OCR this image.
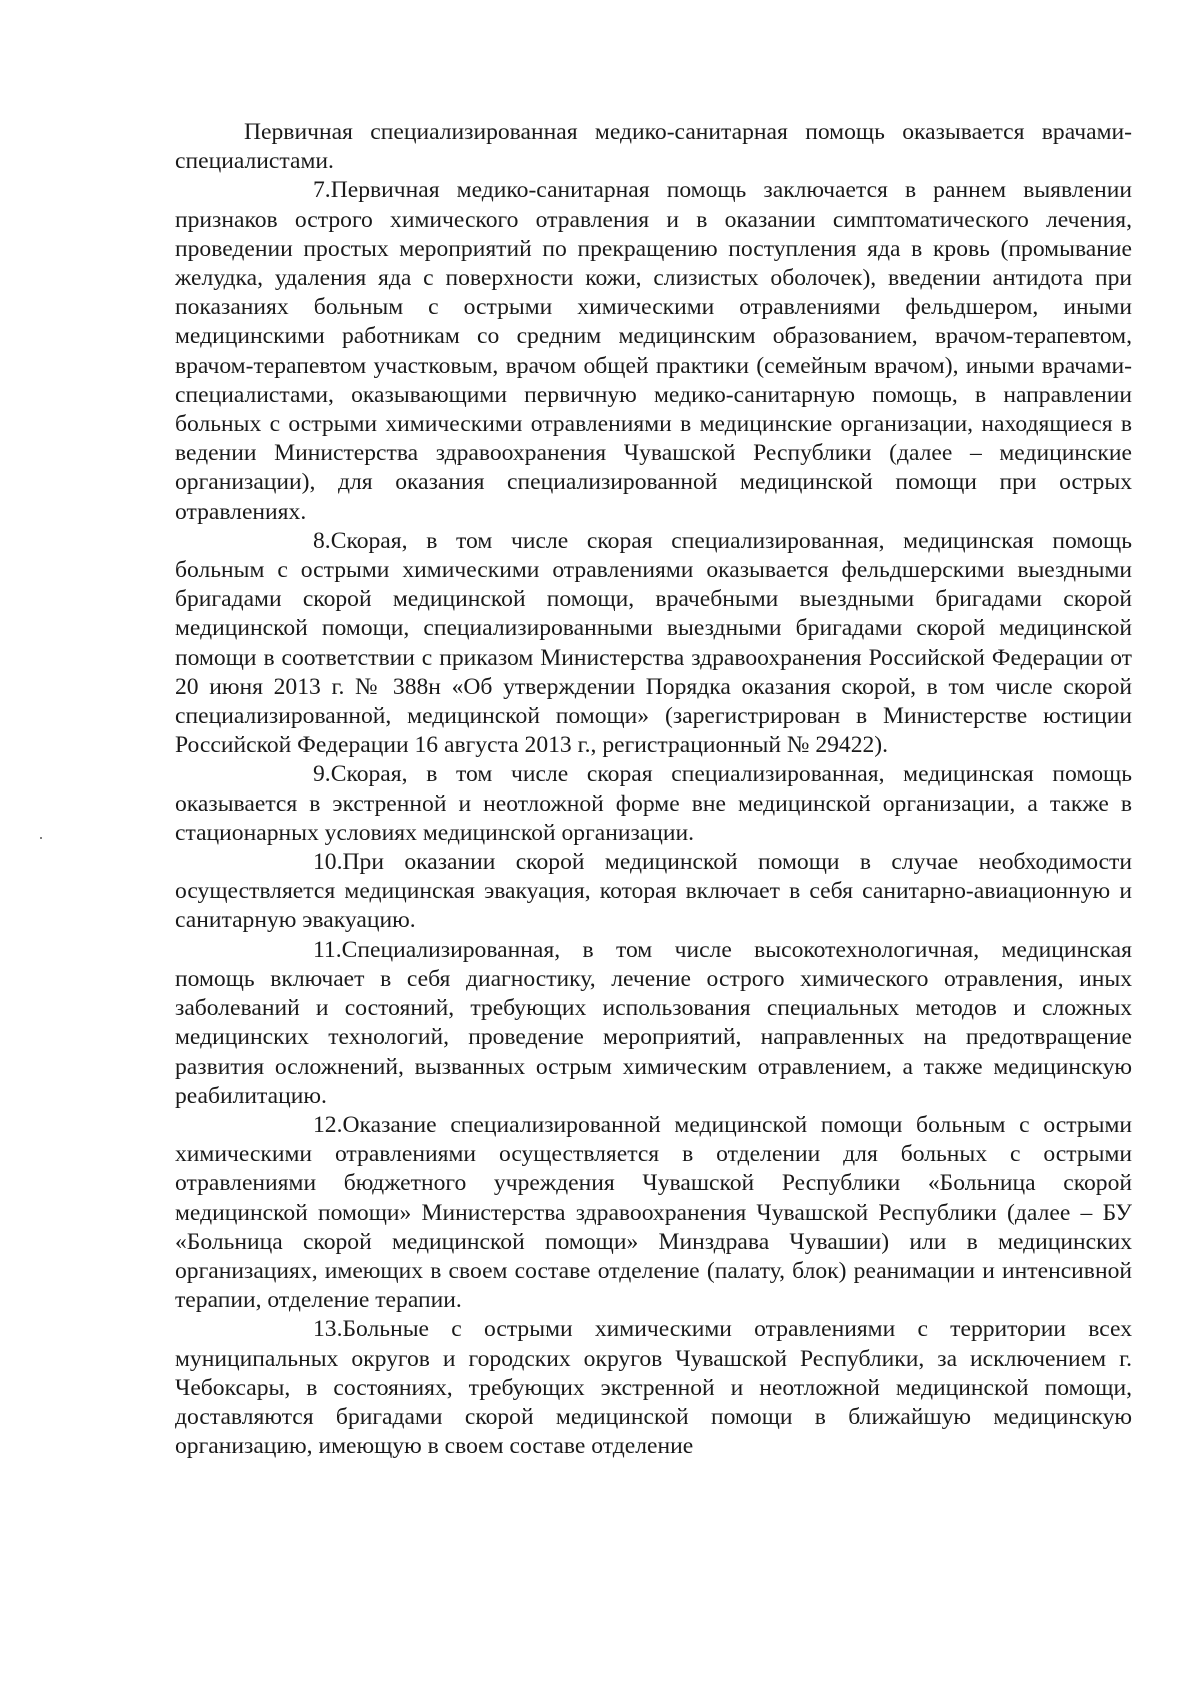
Первичная специализированная медико-санитарная помощь оказывается врачами-специалистами.

7.Первичная медико-санитарная помощь заключается в раннем выявлении признаков острого химического отравления и в оказании симптоматического лечения, проведении простых мероприятий по прекращению поступления яда в кровь (промывание желудка, удаления яда с поверхности кожи, слизистых оболочек), введении антидота при показаниях больным с острыми химическими отравлениями фельдшером, иными медицинскими работникам со средним медицинским образованием, врачом-терапевтом, врачом-терапевтом участковым, врачом общей практики (семейным врачом), иными врачами-специалистами, оказывающими первичную медико-санитарную помощь, в направлении больных с острыми химическими отравлениями в медицинские организации, находящиеся в ведении Министерства здравоохранения Чувашской Республики (далее – медицинские организации), для оказания специализированной медицинской помощи при острых отравлениях.

8.Скорая, в том числе скорая специализированная, медицинская помощь больным с острыми химическими отравлениями оказывается фельдшерскими выездными бригадами скорой медицинской помощи, врачебными выездными бригадами скорой медицинской помощи, специализированными выездными бригадами скорой медицинской помощи в соответствии с приказом Министерства здравоохранения Российской Федерации от 20 июня 2013 г. № 388н «Об утверждении Порядка оказания скорой, в том числе скорой специализированной, медицинской помощи» (зарегистрирован в Министерстве юстиции Российской Федерации 16 августа 2013 г., регистрационный № 29422).

9.Скорая, в том числе скорая специализированная, медицинская помощь оказывается в экстренной и неотложной форме вне медицинской организации, а также в стационарных условиях медицинской организации.

10.При оказании скорой медицинской помощи в случае необходимости осуществляется медицинская эвакуация, которая включает в себя санитарно-авиационную и санитарную эвакуацию.

11.Специализированная, в том числе высокотехнологичная, медицинская помощь включает в себя диагностику, лечение острого химического отравления, иных заболеваний и состояний, требующих использования специальных методов и сложных медицинских технологий, проведение мероприятий, направленных на предотвращение развития осложнений, вызванных острым химическим отравлением, а также медицинскую реабилитацию.

12.Оказание специализированной медицинской помощи больным с острыми химическими отравлениями осуществляется в отделении для больных с острыми отравлениями бюджетного учреждения Чувашской Республики «Больница скорой медицинской помощи» Министерства здравоохранения Чувашской Республики (далее – БУ «Больница скорой медицинской помощи» Минздрава Чувашии) или в медицинских организациях, имеющих в своем составе отделение (палату, блок) реанимации и интенсивной терапии, отделение терапии.

13.Больные с острыми химическими отравлениями с территории всех муниципальных округов и городских округов Чувашской Республики, за исключением г. Чебоксары, в состояниях, требующих экстренной и неотложной медицинской помощи, доставляются бригадами скорой медицинской помощи в ближайшую медицинскую организацию, имеющую в своем составе отделение
